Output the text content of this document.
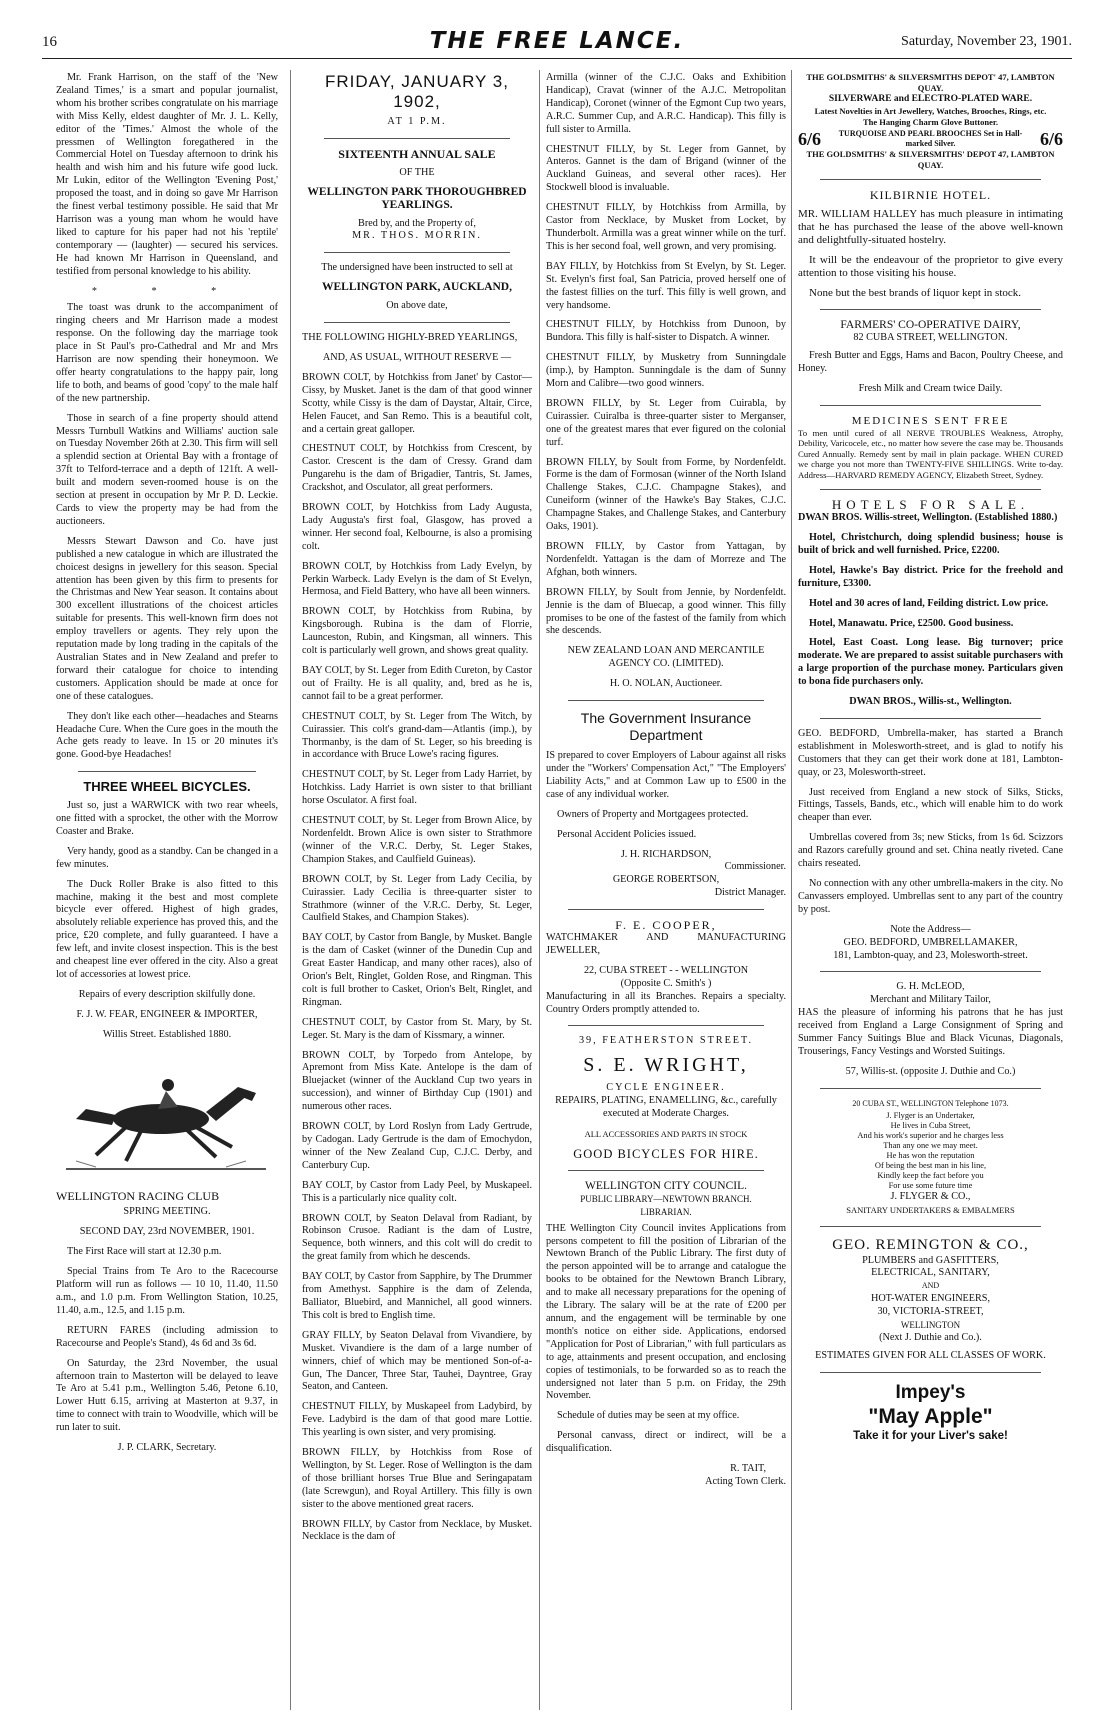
16	THE FREE LANCE.	Saturday, November 23, 1901.

Mr. Frank Harrison, on the staff of the 'New Zealand Times,' is a smart and popular journalist, whom his brother scribes congratulate on his marriage with Miss Kelly, eldest daughter of Mr. J. L. Kelly, editor of the 'Times.' Almost the whole of the pressmen of Wellington foregathered in the Commercial Hotel on Tuesday afternoon to drink his health and wish him and his future wife good luck. Mr Lukin, editor of the Wellington 'Evening Post,' proposed the toast, and in doing so gave Mr Harrison the finest verbal testimony possible. He said that Mr Harrison was a young man whom he would have liked to capture for his paper had not his 'reptile' contemporary — (laughter) — secured his services. He had known Mr Harrison in Queensland, and testified from personal knowledge to his ability.

* * *

The toast was drunk to the accompaniment of ringing cheers and Mr Harrison made a modest response. On the following day the marriage took place in St Paul's pro-Cathedral and Mr and Mrs Harrison are now spending their honeymoon. We offer hearty congratulations to the happy pair, long life to both, and beams of good 'copy' to the male half of the new partnership.

Those in search of a fine property should attend Messrs Turnbull Watkins and Williams' auction sale on Tuesday November 26th at 2.30. This firm will sell a splendid section at Oriental Bay with a frontage of 37ft to Telford-terrace and a depth of 121ft. A well-built and modern seven-roomed house is on the section at present in occupation by Mr P. D. Leckie. Cards to view the property may be had from the auctioneers.

Messrs Stewart Dawson and Co. have just published a new catalogue in which are illustrated the choicest designs in jewellery for this season. Special attention has been given by this firm to presents for the Christmas and New Year season. It contains about 300 excellent illustrations of the choicest articles suitable for presents. This well-known firm does not employ travellers or agents. They rely upon the reputation made by long trading in the capitals of the Australian States and in New Zealand and prefer to forward their catalogue for choice to intending customers. Application should be made at once for one of these catalogues.

They don't like each other—headaches and Stearns Headache Cure. When the Cure goes in the mouth the Ache gets ready to leave. In 15 or 20 minutes it's gone. Good-bye Headaches!

THREE WHEEL BICYCLES.

Just so, just a WARWICK with two rear wheels, one fitted with a sprocket, the other with the Morrow Coaster and Brake.

Very handy, good as a standby. Can be changed in a few minutes.

The Duck Roller Brake is also fitted to this machine, making it the best and most complete bicycle ever offered. Highest of high grades, absolutely reliable experience has proved this, and the price, £20 complete, and fully guaranteed. I have a few left, and invite closest inspection. This is the best and cheapest line ever offered in the city. Also a great lot of accessories at lowest price.

Repairs of every description skilfully done.

F. J. W. FEAR, ENGINEER & IMPORTER,

Willis Street. Established 1880.

WELLINGTON RACING CLUB

SPRING MEETING.

SECOND DAY, 23rd NOVEMBER, 1901.

The First Race will start at 12.30 p.m.

Special Trains from Te Aro to the Racecourse Platform will run as follows — 10 10, 11.40, 11.50 a.m., and 1.0 p.m. From Wellington Station, 10.25, 11.40, a.m., 12.5, and 1.15 p.m.

RETURN FARES (including admission to Racecourse and People's Stand), 4s 6d and 3s 6d.

On Saturday, the 23rd November, the usual afternoon train to Masterton will be delayed to leave Te Aro at 5.41 p.m., Wellington 5.46, Petone 6.10, Lower Hutt 6.15, arriving at Masterton at 9.37, in time to connect with train to Woodville, which will be run later to suit.

J. P. CLARK, Secretary.

FRIDAY, JANUARY 3, 1902,
AT 1 P.M.
SIXTEENTH ANNUAL SALE
OF THE
WELLINGTON PARK THOROUGHBRED YEARLINGS.
Bred by, and the Property of,
MR. THOS. MORRIN.
The undersigned have been instructed to sell at
WELLINGTON PARK, AUCKLAND,
On above date,

THE FOLLOWING HIGHLY-BRED YEARLINGS,

AND, AS USUAL, WITHOUT RESERVE —

BROWN COLT, by Hotchkiss from Janet' by Castor—Cissy, by Musket. Janet is the dam of that good winner Scotty, while Cissy is the dam of Daystar, Altair, Circe, Helen Faucet, and San Remo. This is a beautiful colt, and a certain great galloper.

CHESTNUT COLT, by Hotchkiss from Crescent, by Castor. Crescent is the dam of Cressy. Grand dam Pungarehu is the dam of Brigadier, Tantris, St. James, Crackshot, and Osculator, all great performers.

BROWN COLT, by Hotchkiss from Lady Augusta, Lady Augusta's first foal, Glasgow, has proved a winner. Her second foal, Kelbourne, is also a promising colt.

BROWN COLT, by Hotchkiss from Lady Evelyn, by Perkin Warbeck. Lady Evelyn is the dam of St Evelyn, Hermosa, and Field Battery, who have all been winners.

BROWN COLT, by Hotchkiss from Rubina, by Kingsborough. Rubina is the dam of Florrie, Launceston, Rubin, and Kingsman, all winners. This colt is particularly well grown, and shows great quality.

BAY COLT, by St. Leger from Edith Cureton, by Castor out of Frailty. He is all quality, and, bred as he is, cannot fail to be a great performer.

CHESTNUT COLT, by St. Leger from The Witch, by Cuirassier. This colt's grand-dam—Atlantis (imp.), by Thormanby, is the dam of St. Leger, so his breeding is in accordance with Bruce Lowe's racing figures.

CHESTNUT COLT, by St. Leger from Lady Harriet, by Hotchkiss. Lady Harriet is own sister to that brilliant horse Osculator. A first foal.

CHESTNUT COLT, by St. Leger from Brown Alice, by Nordenfeldt. Brown Alice is own sister to Strathmore (winner of the V.R.C. Derby, St. Leger Stakes, Champion Stakes, and Caulfield Guineas).

BROWN COLT, by St. Leger from Lady Cecilia, by Cuirassier. Lady Cecilia is three-quarter sister to Strathmore (winner of the V.R.C. Derby, St. Leger, Caulfield Stakes, and Champion Stakes).

BAY COLT, by Castor from Bangle, by Musket. Bangle is the dam of Casket (winner of the Dunedin Cup and Great Easter Handicap, and many other races), also of Orion's Belt, Ringlet, Golden Rose, and Ringman. This colt is full brother to Casket, Orion's Belt, Ringlet, and Ringman.

CHESTNUT COLT, by Castor from St. Mary, by St. Leger. St. Mary is the dam of Kissmary, a winner.

BROWN COLT, by Torpedo from Antelope, by Apremont from Miss Kate. Antelope is the dam of Bluejacket (winner of the Auckland Cup two years in succession), and winner of Birthday Cup (1901) and numerous other races.

BROWN COLT, by Lord Roslyn from Lady Gertrude, by Cadogan. Lady Gertrude is the dam of Emochydon, winner of the New Zealand Cup, C.J.C. Derby, and Canterbury Cup.

BAY COLT, by Castor from Lady Peel, by Muskapeel. This is a particularly nice quality colt.

BROWN COLT, by Seaton Delaval from Radiant, by Robinson Crusoe. Radiant is the dam of Lustre, Sequence, both winners, and this colt will do credit to the great family from which he descends.

BAY COLT, by Castor from Sapphire, by The Drummer from Amethyst. Sapphire is the dam of Zelenda, Balliator, Bluebird, and Mannichel, all good winners. This colt is bred to English time.

GRAY FILLY, by Seaton Delaval from Vivandiere, by Musket. Vivandiere is the dam of a large number of winners, chief of which may be mentioned Son-of-a-Gun, The Dancer, Three Star, Tauhei, Dayntree, Gray Seaton, and Canteen.

CHESTNUT FILLY, by Muskapeel from Ladybird, by Feve. Ladybird is the dam of that good mare Lottie. This yearling is own sister, and very promising.

BROWN FILLY, by Hotchkiss from Rose of Wellington, by St. Leger. Rose of Wellington is the dam of those brilliant horses True Blue and Seringapatam (late Screwgun), and Royal Artillery. This filly is own sister to the above mentioned great racers.

BROWN FILLY, by Castor from Necklace, by Musket. Necklace is the dam of

Armilla (winner of the C.J.C. Oaks and Exhibition Handicap), Cravat (winner of the A.J.C. Metropolitan Handicap), Coronet (winner of the Egmont Cup two years, A.R.C. Summer Cup, and A.R.C. Handicap). This filly is full sister to Armilla.

CHESTNUT FILLY, by St. Leger from Gannet, by Anteros. Gannet is the dam of Brigand (winner of the Auckland Guineas, and several other races). Her Stockwell blood is invaluable.

CHESTNUT FILLY, by Hotchkiss from Armilla, by Castor from Necklace, by Musket from Locket, by Thunderbolt. Armilla was a great winner while on the turf. This is her second foal, well grown, and very promising.

BAY FILLY, by Hotchkiss from St Evelyn, by St. Leger. St. Evelyn's first foal, San Patricia, proved herself one of the fastest fillies on the turf. This filly is well grown, and very handsome.

CHESTNUT FILLY, by Hotchkiss from Dunoon, by Bundora. This filly is half-sister to Dispatch. A winner.

CHESTNUT FILLY, by Musketry from Sunningdale (imp.), by Hampton. Sunningdale is the dam of Sunny Morn and Calibre—two good winners.

BROWN FILLY, by St. Leger from Cuirabla, by Cuirassier. Cuiralba is three-quarter sister to Merganser, one of the greatest mares that ever figured on the colonial turf.

BROWN FILLY, by Soult from Forme, by Nordenfeldt. Forme is the dam of Formosan (winner of the North Island Challenge Stakes, C.J.C. Champagne Stakes), and Cuneiform (winner of the Hawke's Bay Stakes, C.J.C. Champagne Stakes, and Challenge Stakes, and Canterbury Oaks, 1901).

BROWN FILLY, by Castor from Yattagan, by Nordenfeldt. Yattagan is the dam of Morreze and The Afghan, both winners.

BROWN FILLY, by Soult from Jennie, by Nordenfeldt. Jennie is the dam of Bluecap, a good winner. This filly promises to be one of the fastest of the family from which she descends.

NEW ZEALAND LOAN AND MERCANTILE AGENCY CO. (LIMITED).

H. O. NOLAN, Auctioneer.

The Government Insurance Department

IS prepared to cover Employers of Labour against all risks under the "Workers' Compensation Act," "The Employers' Liability Acts," and at Common Law up to £500 in the case of any individual worker.

Owners of Property and Mortgagees protected.

Personal Accident Policies issued.

J. H. RICHARDSON,
Commissioner.
GEORGE ROBERTSON,
District Manager.
F. E. COOPER,

WATCHMAKER AND MANUFACTURING JEWELLER,

22, CUBA STREET - - WELLINGTON
(Opposite C. Smith's )

Manufacturing in all its Branches. Repairs a specialty. Country Orders promptly attended to.

39, FEATHERSTON STREET.
S. E. WRIGHT,
CYCLE ENGINEER.

REPAIRS, PLATING, ENAMELLING, &c., carefully executed at Moderate Charges.

ALL ACCESSORIES AND PARTS IN STOCK

GOOD BICYCLES FOR HIRE.
WELLINGTON CITY COUNCIL.
PUBLIC LIBRARY—NEWTOWN BRANCH.
LIBRARIAN.

THE Wellington City Council invites Applications from persons competent to fill the position of Librarian of the Newtown Branch of the Public Library. The first duty of the person appointed will be to arrange and catalogue the books to be obtained for the Newtown Branch Library, and to make all necessary preparations for the opening of the Library. The salary will be at the rate of £200 per annum, and the engagement will be terminable by one month's notice on either side. Applications, endorsed "Application for Post of Librarian," with full particulars as to age, attainments and present occupation, and enclosing copies of testimonials, to be forwarded so as to reach the undersigned not later than 5 p.m. on Friday, the 29th November.

Schedule of duties may be seen at my office.

Personal canvass, direct or indirect, will be a disqualification.

R. TAIT,
Acting Town Clerk.
THE GOLDSMITHS' & SILVERSMITHS DEPOT' 47, LAMBTON QUAY.
SILVERWARE and ELECTRO-PLATED WARE.
Latest Novelties in Art Jewellery, Watches, Brooches, Rings, etc.
The Hanging Charm Glove Buttoner.
6/6	TURQUOISE AND PEARL BROOCHES Set in Hall-marked Silver.	6/6
THE GOLDSMITHS' & SILVERSMITHS' DEPOT 47, LAMBTON QUAY.
KILBIRNIE HOTEL.

MR. WILLIAM HALLEY has much pleasure in intimating that he has purchased the lease of the above well-known and delightfully-situated hostelry.

It will be the endeavour of the proprietor to give every attention to those visiting his house.

None but the best brands of liquor kept in stock.

FARMERS' CO-OPERATIVE DAIRY,
82 CUBA STREET, WELLINGTON.

Fresh Butter and Eggs, Hams and Bacon, Poultry Cheese, and Honey.

Fresh Milk and Cream twice Daily.

MEDICINES SENT FREE

To men until cured of all NERVE TROUBLES Weakness, Atrophy, Debility, Varicocele, etc., no matter how severe the case may be. Thousands Cured Annually. Remedy sent by mail in plain package. WHEN CURED we charge you not more than TWENTY-FIVE SHILLINGS. Write to-day. Address—HARVARD REMEDY AGENCY, Elizabeth Street, Sydney.

HOTELS FOR SALE.

DWAN BROS. Willis-street, Wellington. (Established 1880.)

Hotel, Christchurch, doing splendid business; house is built of brick and well furnished. Price, £2200.

Hotel, Hawke's Bay district. Price for the freehold and furniture, £3300.

Hotel and 30 acres of land, Feilding district. Low price.

Hotel, Manawatu. Price, £2500. Good business.

Hotel, East Coast. Long lease. Big turnover; price moderate. We are prepared to assist suitable purchasers with a large proportion of the purchase money. Particulars given to bona fide purchasers only.

DWAN BROS., Willis-st., Wellington.

GEO. BEDFORD, Umbrella-maker, has started a Branch establishment in Molesworth-street, and is glad to notify his Customers that they can get their work done at 181, Lambton-quay, or 23, Molesworth-street.

Just received from England a new stock of Silks, Sticks, Fittings, Tassels, Bands, etc., which will enable him to do work cheaper than ever.

Umbrellas covered from 3s; new Sticks, from 1s 6d. Scizzors and Razors carefully ground and set. China neatly riveted. Cane chairs reseated.

No connection with any other umbrella-makers in the city. No Canvassers employed. Umbrellas sent to any part of the country by post.

Note the Address—
GEO. BEDFORD, UMBRELLAMAKER,
181, Lambton-quay, and 23, Molesworth-street.
G. H. McLEOD,
Merchant and Military Tailor,

HAS the pleasure of informing his patrons that he has just received from England a Large Consignment of Spring and Summer Fancy Suitings Blue and Black Vicunas, Diagonals, Trouserings, Fancy Vestings and Worsted Suitings.

57, Willis-st. (opposite J. Duthie and Co.)
20 CUBA ST., WELLINGTON Telephone 1073.
J. Flyger is an Undertaker,
He lives in Cuba Street,
And his work's superior and he charges less
Than any one we may meet.
He has won the reputation
Of being the best man in his line,
Kindly keep the fact before you
For use some future time
J. FLYGER & CO.,
SANITARY UNDERTAKERS & EMBALMERS
GEO. REMINGTON & CO.,
PLUMBERS and GASFITTERS,
ELECTRICAL, SANITARY,
AND
HOT-WATER ENGINEERS,
30, VICTORIA-STREET,
WELLINGTON
(Next J. Duthie and Co.).
ESTIMATES GIVEN FOR ALL CLASSES OF WORK.
Impey's
"May Apple"
Take it for your Liver's sake!
